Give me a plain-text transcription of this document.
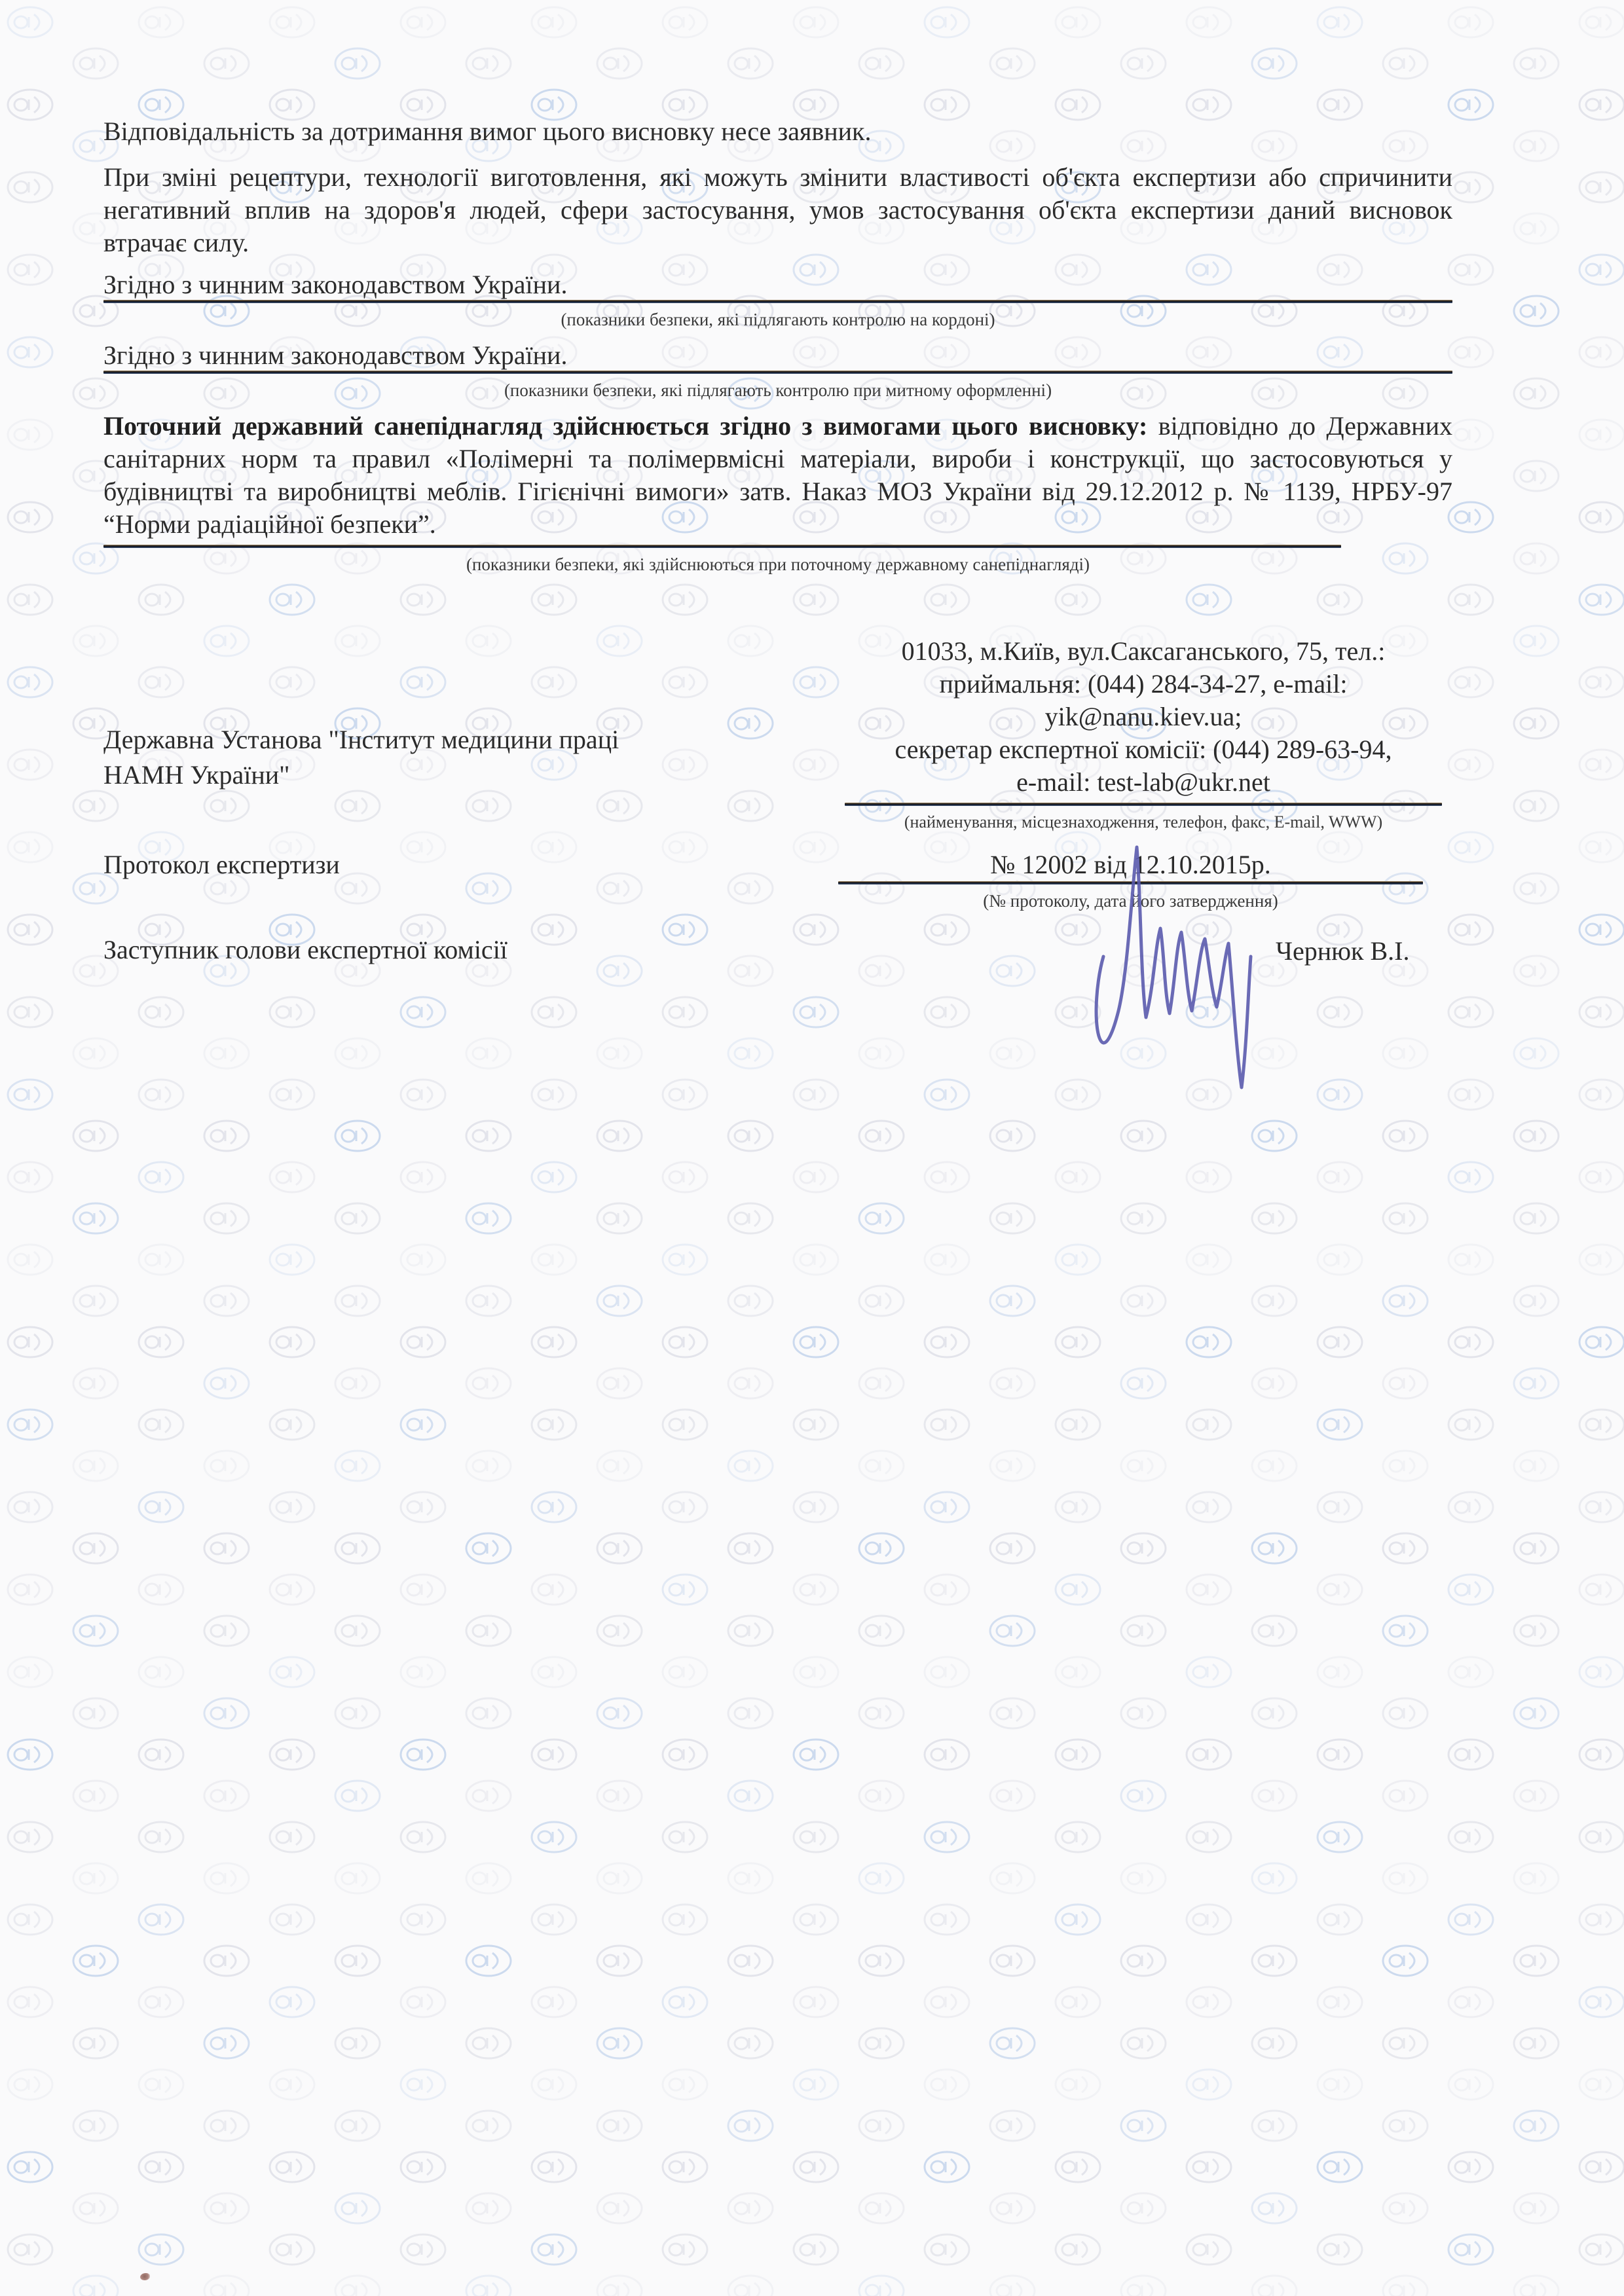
Відповідальність за дотримання вимог цього висновку несе заявник.

При зміні рецептури, технології виготовлення, які можуть змінити властивості об'єкта експертизи або спричинити негативний вплив на здоров'я людей, сфери застосування, умов застосування об'єкта експертизи даний висновок втрачає силу.

Згідно з чинним законодавством України.
(показники безпеки, які підлягають контролю на кордоні)
Згідно з чинним законодавством України.
(показники безпеки, які підлягають контролю при митному оформленні)

Поточний державний санепіднагляд здійснюється згідно з вимогами цього висновку: відповідно до Державних санітарних норм та правил «Полімерні та полімервмісні матеріали, вироби і конструкції, що застосовуються у будівництві та виробництві меблів. Гігієнічні вимоги» затв. Наказ МОЗ України від 29.12.2012 р. № 1139, НРБУ-97 “Норми радіаційної безпеки”.

(показники безпеки, які здійснюються при поточному державному санепіднагляді)
01033, м.Київ, вул.Саксаганського, 75, тел.:
приймальня: (044) 284-34-27, e-mail:
yik@nanu.kiev.ua;
секретар експертної комісії: (044) 289-63-94,
e-mail: test-lab@ukr.net
(найменування, місцезнаходження, телефон, факс, E-mail, WWW)
Державна Установа "Інститут медицини праці НАМН України"
Протокол експертизи	№ 12002 від 12.10.2015р.
(№ протоколу, дата його затвердження)
Заступник голови експертної комісії	Чернюк В.І.
